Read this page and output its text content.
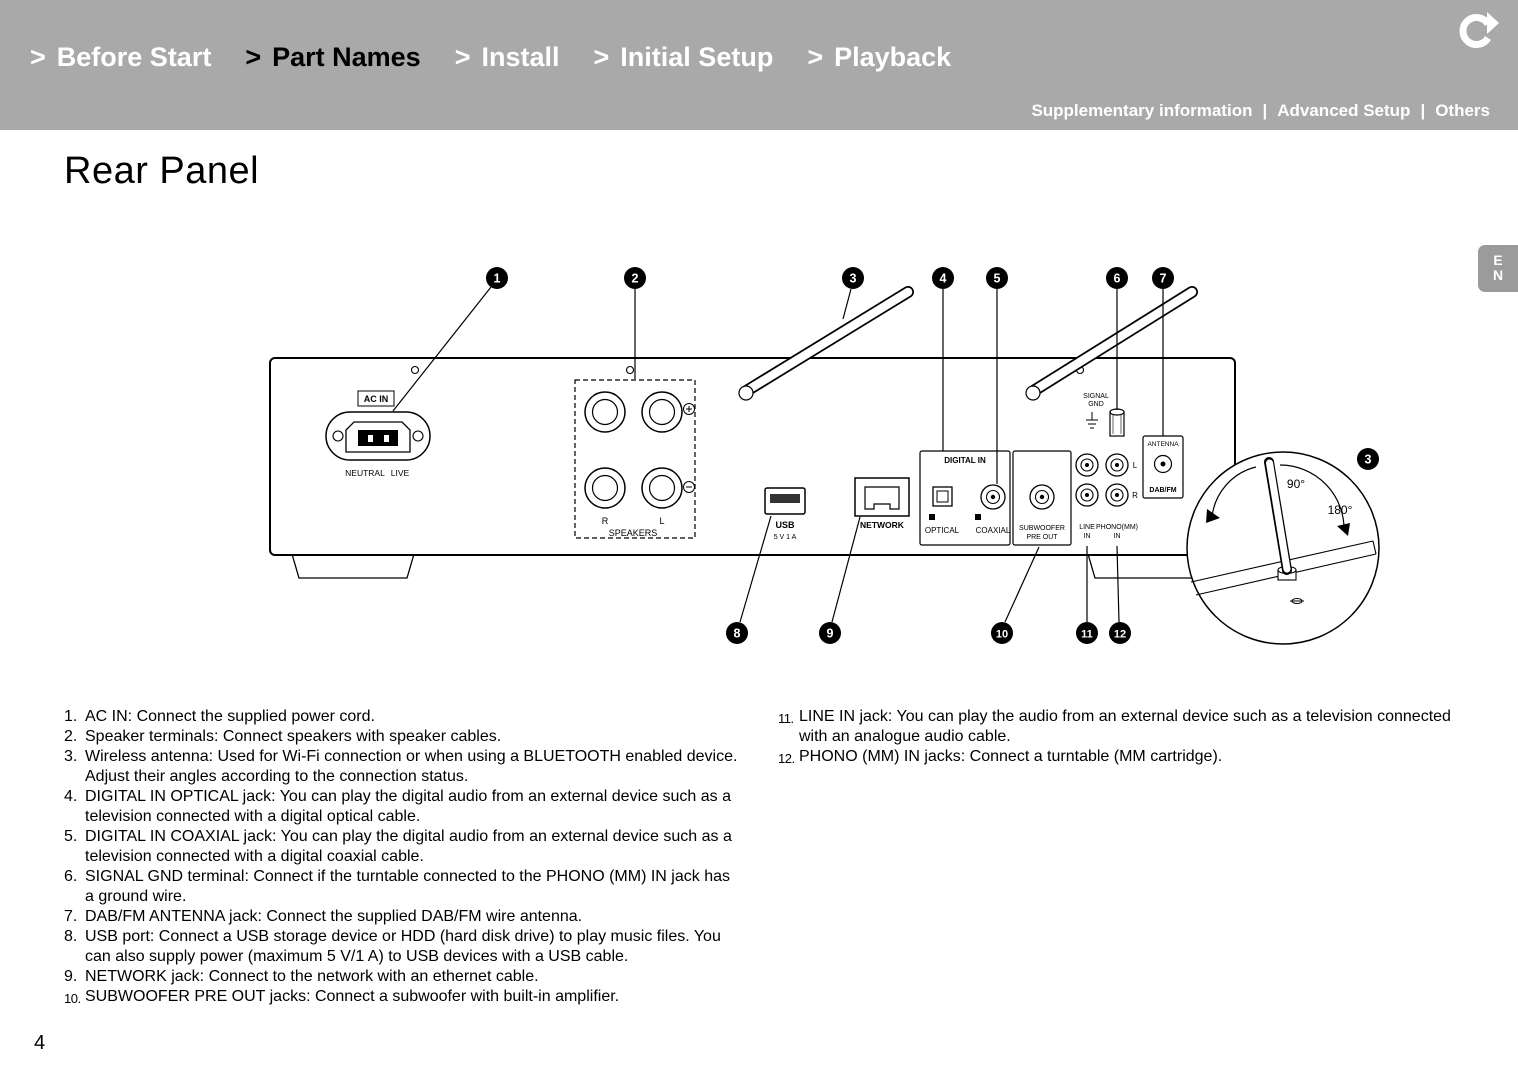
> Before Start > Part Names > Install > Initial Setup > Playback
Supplementary information | Advanced Setup | Others
E
N
Rear Panel
AC IN
NEUTRAL LIVE
R	L
SPEAKERS
USB
5 V 1 A
NETWORK
DIGITAL IN
OPTICAL COAXIAL SUBWOOFER
PRE OUT
LINE
IN
L
R
PHONO(MM)
IN
SIGNAL
GND
ANTENNA
DAB/FM
1	2	3	4	5	6	7
8	9	10	11 12
90°
180°
3
1. AC IN: Connect the supplied power cord.
2. Speaker terminals: Connect speakers with speaker cables.
3. Wireless antenna: Used for Wi-Fi connection or when using a BLUETOOTH enabled device. Adjust their angles according to the connection status.
4. DIGITAL IN OPTICAL jack: You can play the digital audio from an external device such as a television connected with a digital optical cable.
5. DIGITAL IN COAXIAL jack: You can play the digital audio from an external device such as a television connected with a digital coaxial cable.
6. SIGNAL GND terminal: Connect if the turntable connected to the PHONO (MM) IN jack has a ground wire.
7. DAB/FM ANTENNA jack: Connect the supplied DAB/FM wire antenna.
8. USB port: Connect a USB storage device or HDD (hard disk drive) to play music files. You can also supply power (maximum 5 V/1 A) to USB devices with a USB cable.
9. NETWORK jack: Connect to the network with an ethernet cable.
10. SUBWOOFER PRE OUT jacks: Connect a subwoofer with built-in amplifier.
11. LINE IN jack: You can play the audio from an external device such as a television connected with an analogue audio cable.
12. PHONO (MM) IN jacks: Connect a turntable (MM cartridge).
4
